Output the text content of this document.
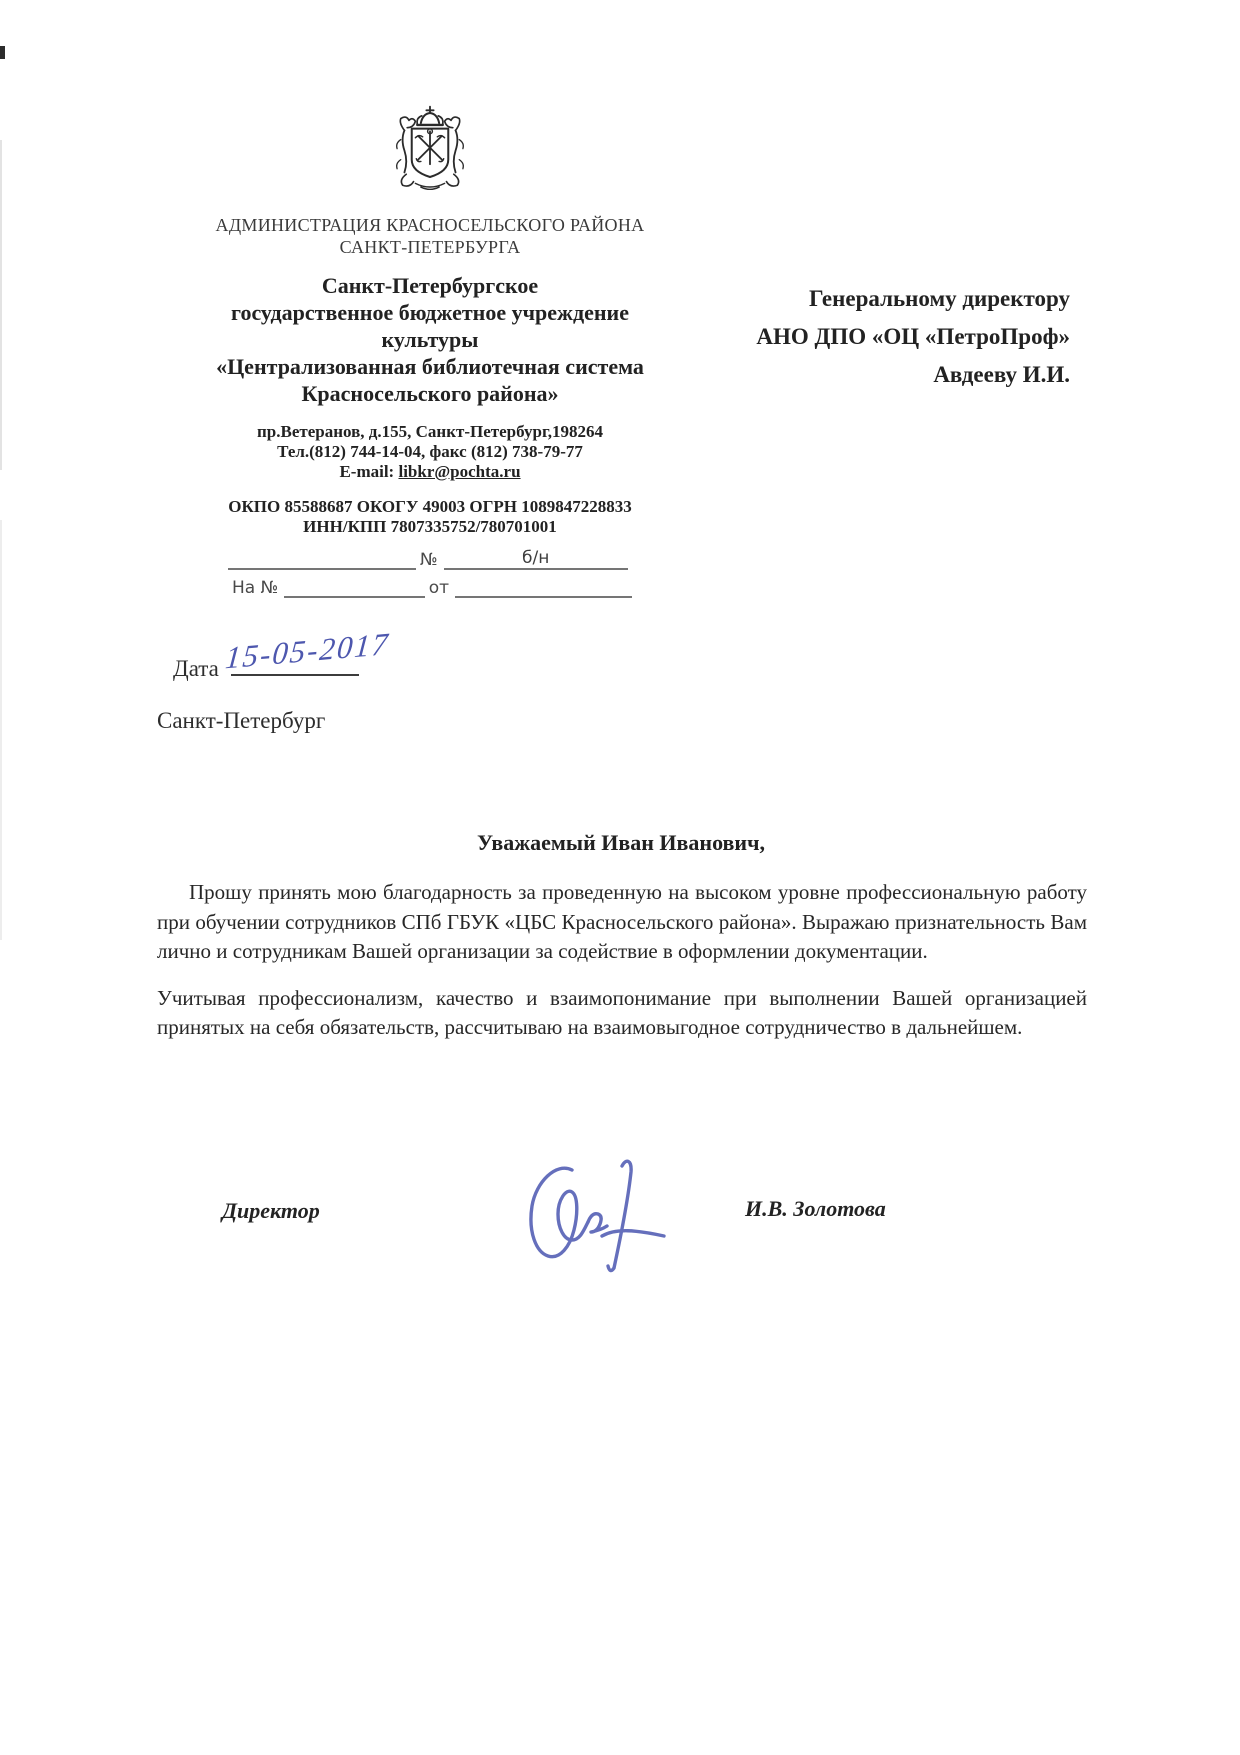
АДМИНИСТРАЦИЯ КРАСНОСЕЛЬСКОГО РАЙОНА
САНКТ-ПЕТЕРБУРГА
Санкт-Петербургское
государственное бюджетное учреждение
культуры
«Централизованная библиотечная система
Красносельского района»
пр.Ветеранов, д.155, Санкт-Петербург,198264
Тел.(812) 744-14-04, факс (812) 738-79-77
E-mail: libkr@pochta.ru
ОКПО 85588687 ОКОГУ 49003 ОГРН 1089847228833
ИНН/КПП 7807335752/780701001
№	б/н
На №	от
Генеральному директору
АНО ДПО «ОЦ «ПетроПроф»
Авдееву И.И.
Дата 15-05-2017
Санкт-Петербург
Уважаемый Иван Иванович,

Прошу принять мою благодарность за проведенную на высоком уровне профессиональную работу при обучении сотрудников СПб ГБУК «ЦБС Красносельского района». Выражаю признательность Вам лично и сотрудникам Вашей организации за содействие в оформлении документации.

Учитывая профессионализм, качество и взаимопонимание при выполнении Вашей организацией принятых на себя обязательств, рассчитываю на взаимовыгодное сотрудничество в дальнейшем.

Директор	И.В. Золотова
